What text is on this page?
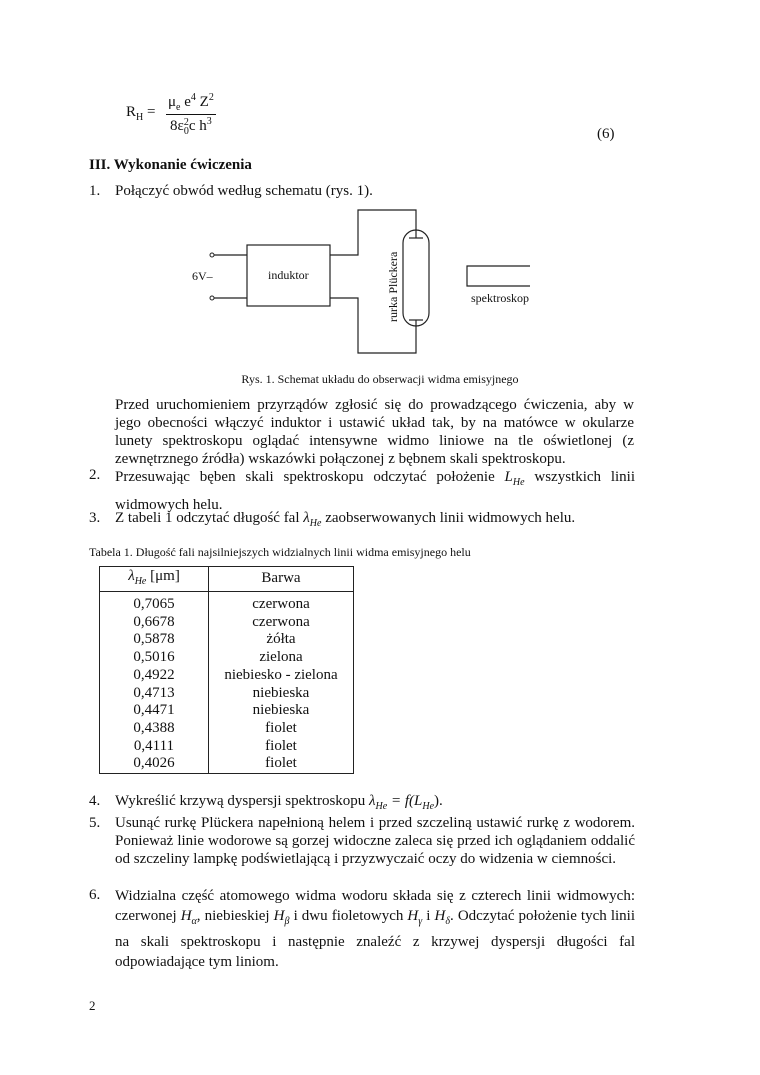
$R_H = \mu_e$ $e^4$ $Z^2$
8ε 2
0 c $h^3$	(6)
III. Wykonanie ćwiczenia
1. Połączyć obwód według schematu (rys. 1).
6V–	induktor	rurka Plückera	spektroskop
Rys. 1. Schemat układu do obserwacji widma emisyjnego
Przed uruchomieniem przyrządów zgłosić się do prowadzącego ćwiczenia, aby w jego obecności włączyć induktor i ustawić układ tak, by na matówce w okularze lunety spektroskopu oglądać intensywne widmo liniowe na tle oświetlonej (z zewnętrznego źródła) wskazówki połączonej z bębnem skali spektroskopu.
2. Przesuwając bęben skali spektroskopu odczytać położenie $L_{He}$ wszystkich linii widmowych helu.
3. Z tabeli 1 odczytać długość fal $\lambda_{He}$ zaobserwowanych linii widmowych helu.
Tabela 1. Długość fali najsilniejszych widzialnych linii widma emisyjnego helu
$\lambda_{He}$ [μm]	Barwa
0,7065	czerwona
0,6678	czerwona
0,5878	żółta
0,5016	zielona
0,4922	niebiesko - zielona
0,4713	niebieska
0,4471	niebieska
0,4388	fiolet
0,4111	fiolet
0,4026	fiolet
4. Wykreślić krzywą dyspersji spektroskopu $\lambda_{He} = f(L_{He})$.
5. Usunąć rurkę Plückera napełnioną helem i przed szczeliną ustawić rurkę z wodorem. Ponieważ linie wodorowe są gorzej widoczne zaleca się przed ich oglądaniem oddalić od szczeliny lampkę podświetlającą i przyzwyczaić oczy do widzenia w ciemności.
6. Widzialna część atomowego widma wodoru składa się z czterech linii widmowych: czerwonej $H_\alpha$, niebieskiej $H_\beta$ i dwu fioletowych $H_\gamma$ i $H_\delta$. Odczytać położenie tych linii na skali spektroskopu i następnie znaleźć z krzywej dyspersji długości fal odpowiadające tym liniom.
2
